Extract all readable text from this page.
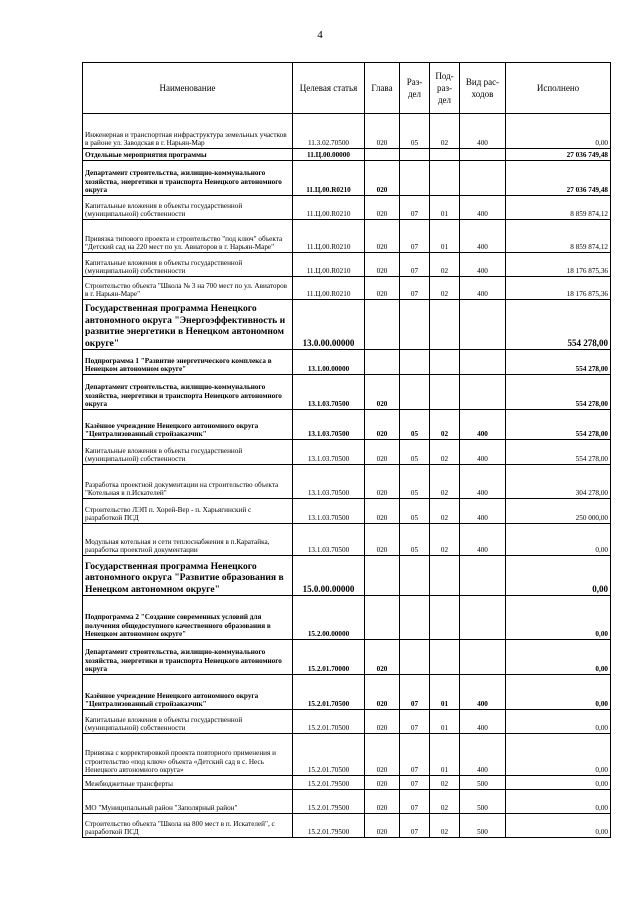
4
Наименование	Целевая статья	Глава	Раз- дел	Под- раз- дел	Вид рас- ходов	Исполнено
Инженерная и транспортная инфраструктура земельных участков в районе ул. Заводская в г. Нарьян-Мар	11.3.02.70500	020	05	02	400	0,00
Отдельные мероприятия программы	11.Ц.00.00000					27 036 749,48
Департамент строительства, жилищно-коммунального хозяйства, энергетики и транспорта Ненецкого автономного округа	11.Ц.00.R0210	020				27 036 749,48
Капитальные вложения в объекты государственной (муниципальной) собственности	11.Ц.00.R0210	020	07	01	400	8 859 874,12
Привязка типового проекта и строительство "под ключ" объекта "Детский сад на 220 мест по ул. Авиаторов в г. Нарьян-Маре"	11.Ц.00.R0210	020	07	01	400	8 859 874,12
Капитальные вложения в объекты государственной (муниципальной) собственности	11.Ц.00.R0210	020	07	02	400	18 176 875,36
Строительство объекта "Школа № 3 на 700 мест по ул. Авиаторов в г. Нарьян-Маре"	11.Ц.00.R0210	020	07	02	400	18 176 875,36
Государственная программа Ненецкого автономного округа "Энергоэффективность и развитие энергетики в Ненецком автономном округе"	13.0.00.00000					554 278,00
Подпрограмма 1 "Развитие энергетического комплекса в Ненецком автономном округе"	13.1.00.00000					554 278,00
Департамент строительства, жилищно-коммунального хозяйства, энергетики и транспорта Ненецкого автономного округа	13.1.03.70500	020				554 278,00
Казённое учреждение Ненецкого автономного округа "Централизованный стройзаказчик"	13.1.03.70500	020	05	02	400	554 278,00
Капитальные вложения в объекты государственной (муниципальной) собственности	13.1.03.70500	020	05	02	400	554 278,00
Разработка проектной документации на строительство объекта "Котельная в п.Искателей"	13.1.03.70500	020	05	02	400	304 278,00
Строительство ЛЭП п. Хорей-Вер - п. Харьягинский с разработкой ПСД	13.1.03.70500	020	05	02	400	250 000,00
Модульная котельная и сети теплоснабжения в п.Каратайка, разработка проектной документации	13.1.03.70500	020	05	02	400	0,00
Государственная программа Ненецкого автономного округа "Развитие образования в Ненецком автономном округе"	15.0.00.00000					0,00
Подпрограмма 2 "Создание современных условий для получения общедоступного качественного образования в Ненецком автономном округе"	15.2.00.00000					0,00
Департамент строительства, жилищно-коммунального хозяйства, энергетики и транспорта Ненецкого автономного округа	15.2.01.70000	020				0,00
Казённое учреждение Ненецкого автономного округа "Централизованный стройзаказчик"	15.2.01.70500	020	07	01	400	0,00
Капитальные вложения в объекты государственной (муниципальной) собственности	15.2.01.70500	020	07	01	400	0,00
Привязка с корректировкой проекта повторного применения и строительство «под ключ» объекта «Детский сад в с. Несь Ненецкого автономного округа»	15.2.01.70500	020	07	01	400	0,00
Межбюджетные трансферты	15.2.01.79500	020	07	02	500	0,00
МО "Муниципальный район "Заполярный район"	15.2.01.79500	020	07	02	500	0,00
Строительство объекта "Школа на 800 мест в п. Искателей", с разработкой ПСД	15.2.01.79500	020	07	02	500	0,00
